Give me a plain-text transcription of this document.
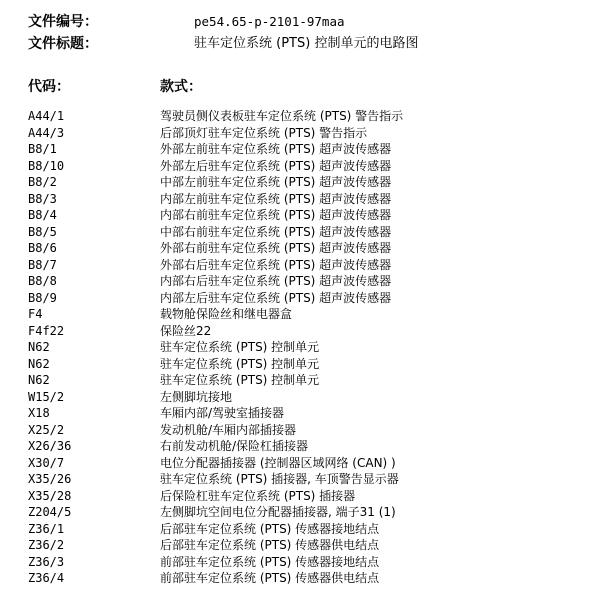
文件编号：	pe54.65-p-2101-97maa
文件标题：	驻车定位系统 (PTS) 控制单元的电路图
代码：	款式：
A44/1	驾驶员侧仪表板驻车定位系统 (PTS) 警告指示
A44/3	后部顶灯驻车定位系统 (PTS) 警告指示
B8/1	外部左前驻车定位系统 (PTS) 超声波传感器
B8/10	外部左后驻车定位系统 (PTS) 超声波传感器
B8/2	中部左前驻车定位系统 (PTS) 超声波传感器
B8/3	内部左前驻车定位系统 (PTS) 超声波传感器
B8/4	内部右前驻车定位系统 (PTS) 超声波传感器
B8/5	中部右前驻车定位系统 (PTS) 超声波传感器
B8/6	外部右前驻车定位系统 (PTS) 超声波传感器
B8/7	外部右后驻车定位系统 (PTS) 超声波传感器
B8/8	内部右后驻车定位系统 (PTS) 超声波传感器
B8/9	内部左后驻车定位系统 (PTS) 超声波传感器
F4	载物舱保险丝和继电器盒
F4f22	保险丝22
N62	驻车定位系统 (PTS) 控制单元
N62	驻车定位系统 (PTS) 控制单元
N62	驻车定位系统 (PTS) 控制单元
W15/2	左侧脚坑接地
X18	车厢内部/驾驶室插接器
X25/2	发动机舱/车厢内部插接器
X26/36	右前发动机舱/保险杠插接器
X30/7	电位分配器插接器 (控制器区域网络 (CAN) )
X35/26	驻车定位系统 (PTS) 插接器, 车顶警告显示器
X35/28	后保险杠驻车定位系统 (PTS) 插接器
Z204/5	左侧脚坑空间电位分配器插接器, 端子31 (1)
Z36/1	后部驻车定位系统 (PTS) 传感器接地结点
Z36/2	后部驻车定位系统 (PTS) 传感器供电结点
Z36/3	前部驻车定位系统 (PTS) 传感器接地结点
Z36/4	前部驻车定位系统 (PTS) 传感器供电结点
